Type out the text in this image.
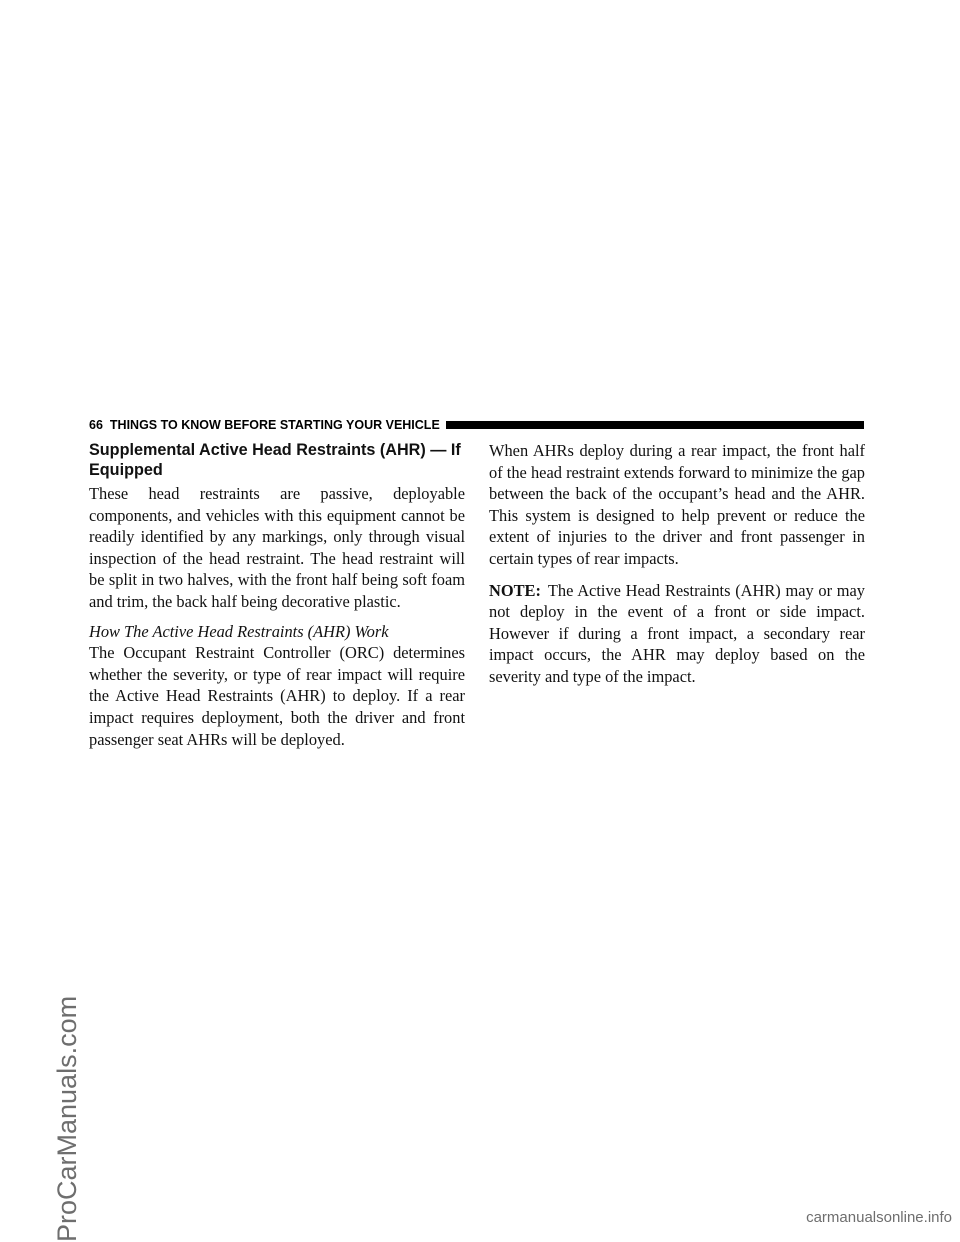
ProCarManuals.com	carmanualsonline.info
66 THINGS TO KNOW BEFORE STARTING YOUR VEHICLE
Supplemental Active Head Restraints (AHR) — If Equipped

These head restraints are passive, deployable components, and vehicles with this equipment cannot be readily identified by any markings, only through visual inspection of the head restraint. The head restraint will be split in two halves, with the front half being soft foam and trim, the back half being decorative plastic.

How The Active Head Restraints (AHR) Work

The Occupant Restraint Controller (ORC) determines whether the severity, or type of rear impact will require the Active Head Restraints (AHR) to deploy. If a rear impact requires deployment, both the driver and front passenger seat AHRs will be deployed.

When AHRs deploy during a rear impact, the front half of the head restraint extends forward to minimize the gap between the back of the occupant’s head and the AHR. This system is designed to help prevent or reduce the extent of injuries to the driver and front passenger in certain types of rear impacts.

NOTE: The Active Head Restraints (AHR) may or may not deploy in the event of a front or side impact. However if during a front impact, a secondary rear impact occurs, the AHR may deploy based on the severity and type of the impact.
